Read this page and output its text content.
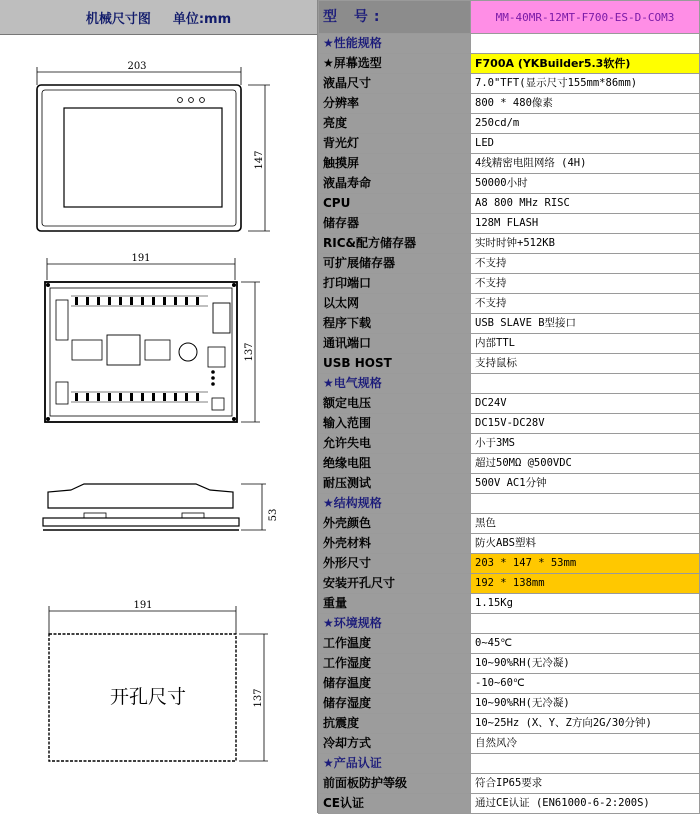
机械尺寸图 单位:mm
203
147
191
137
53
191
137
开孔尺寸
型 号:	MM-40MR-12MT-F700-ES-D-COM3
★性能规格	
★屏幕选型	F700A (YKBuilder5.3软件)
液晶尺寸	7.0"TFT(显示尺寸155mm*86mm)
分辨率	800 * 480像素
亮度	250cd/m
背光灯	LED
触摸屏	4线精密电阻网络 (4H)
液晶寿命	50000小时
CPU	A8 800 MHz RISC
储存器	128M FLASH
RIC&配方储存器	实时时钟+512KB
可扩展储存器	不支持
打印端口	不支持
以太网	不支持
程序下载	USB SLAVE B型接口
通讯端口	内部TTL
USB HOST	支持鼠标
★电气规格	
额定电压	DC24V
输入范围	DC15V-DC28V
允许失电	小于3MS
绝缘电阻	超过50MΩ @500VDC
耐压测试	500V AC1分钟
★结构规格	
外壳颜色	黑色
外壳材料	防火ABS塑料
外形尺寸	203 * 147 * 53mm
安装开孔尺寸	192 * 138mm
重量	1.15Kg
★环境规格	
工作温度	0~45℃
工作湿度	10~90%RH(无冷凝)
储存温度	-10~60℃
储存湿度	10~90%RH(无冷凝)
抗震度	10~25Hz (X、Y、Z方向2G/30分钟)
冷却方式	自然风冷
★产品认证	
前面板防护等级	符合IP65要求
CE认证	通过CE认证 (EN61000-6-2:200S)
